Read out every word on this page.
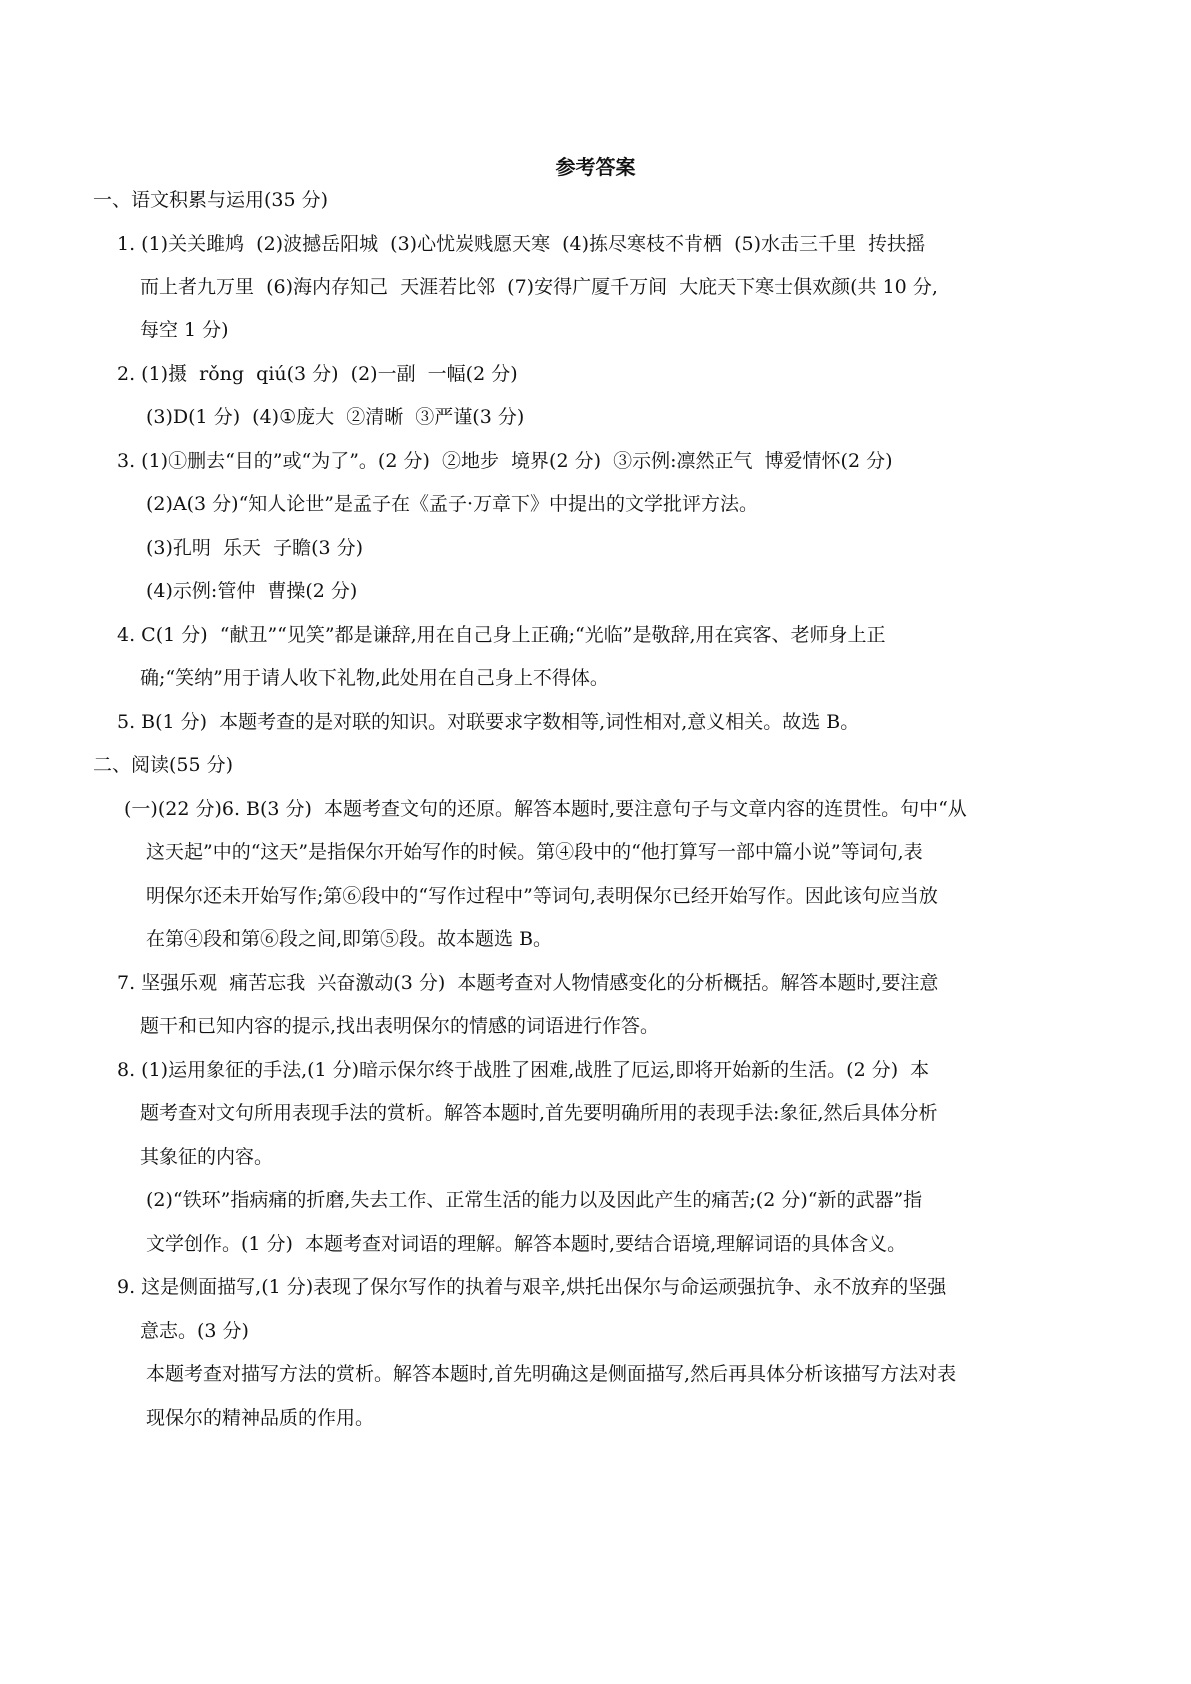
参考答案
一、语文积累与运用(35 分)
1. (1)关关雎鸠  (2)波撼岳阳城  (3)心忧炭贱愿天寒  (4)拣尽寒枝不肯栖  (5)水击三千里  抟扶摇
而上者九万里  (6)海内存知己  天涯若比邻  (7)安得广厦千万间  大庇天下寒士俱欢颜(共 10 分,
每空 1 分)
2. (1)摄  rǒng  qiú(3 分)  (2)一副  一幅(2 分)
(3)D(1 分)  (4)①庞大  ②清晰  ③严谨(3 分)
3. (1)①删去“目的”或“为了”。(2 分)  ②地步  境界(2 分)  ③示例:凛然正气  博爱情怀(2 分)
(2)A(3 分)“知人论世”是孟子在《孟子·万章下》中提出的文学批评方法。
(3)孔明  乐天  子瞻(3 分)
(4)示例:管仲  曹操(2 分)
4. C(1 分)  “献丑”“见笑”都是谦辞,用在自己身上正确;“光临”是敬辞,用在宾客、老师身上正
确;“笑纳”用于请人收下礼物,此处用在自己身上不得体。
5. B(1 分)  本题考查的是对联的知识。对联要求字数相等,词性相对,意义相关。故选 B。
二、阅读(55 分)
(一)(22 分)6. B(3 分)  本题考查文句的还原。解答本题时,要注意句子与文章内容的连贯性。句中“从
这天起”中的“这天”是指保尔开始写作的时候。第④段中的“他打算写一部中篇小说”等词句,表
明保尔还未开始写作;第⑥段中的“写作过程中”等词句,表明保尔已经开始写作。因此该句应当放
在第④段和第⑥段之间,即第⑤段。故本题选 B。
7. 坚强乐观  痛苦忘我  兴奋激动(3 分)  本题考查对人物情感变化的分析概括。解答本题时,要注意
题干和已知内容的提示,找出表明保尔的情感的词语进行作答。
8. (1)运用象征的手法,(1 分)暗示保尔终于战胜了困难,战胜了厄运,即将开始新的生活。(2 分)  本
题考查对文句所用表现手法的赏析。解答本题时,首先要明确所用的表现手法:象征,然后具体分析
其象征的内容。
(2)“铁环”指病痛的折磨,失去工作、正常生活的能力以及因此产生的痛苦;(2 分)“新的武器”指
文学创作。(1 分)  本题考查对词语的理解。解答本题时,要结合语境,理解词语的具体含义。
9. 这是侧面描写,(1 分)表现了保尔写作的执着与艰辛,烘托出保尔与命运顽强抗争、永不放弃的坚强
意志。(3 分)
本题考查对描写方法的赏析。解答本题时,首先明确这是侧面描写,然后再具体分析该描写方法对表
现保尔的精神品质的作用。
